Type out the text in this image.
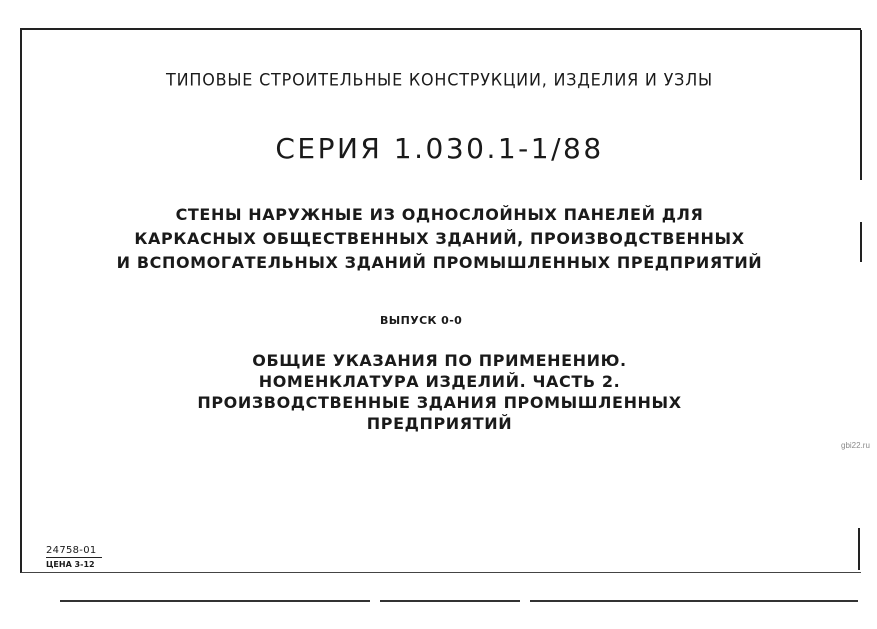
ТИПОВЫЕ СТРОИТЕЛЬНЫЕ КОНСТРУКЦИИ, ИЗДЕЛИЯ И УЗЛЫ
СЕРИЯ 1.030.1-1/88
СТЕНЫ НАРУЖНЫЕ ИЗ ОДНОСЛОЙНЫХ ПАНЕЛЕЙ ДЛЯ
КАРКАСНЫХ ОБЩЕСТВЕННЫХ ЗДАНИЙ, ПРОИЗВОДСТВЕННЫХ
И ВСПОМОГАТЕЛЬНЫХ ЗДАНИЙ ПРОМЫШЛЕННЫХ ПРЕДПРИЯТИЙ
ВЫПУСК 0-0
ОБЩИЕ УКАЗАНИЯ ПО ПРИМЕНЕНИЮ.
НОМЕНКЛАТУРА ИЗДЕЛИЙ. ЧАСТЬ 2.
ПРОИЗВОДСТВЕННЫЕ ЗДАНИЯ ПРОМЫШЛЕННЫХ
ПРЕДПРИЯТИЙ
24758-01
ЦЕНА 3-12
gbi22.ru
